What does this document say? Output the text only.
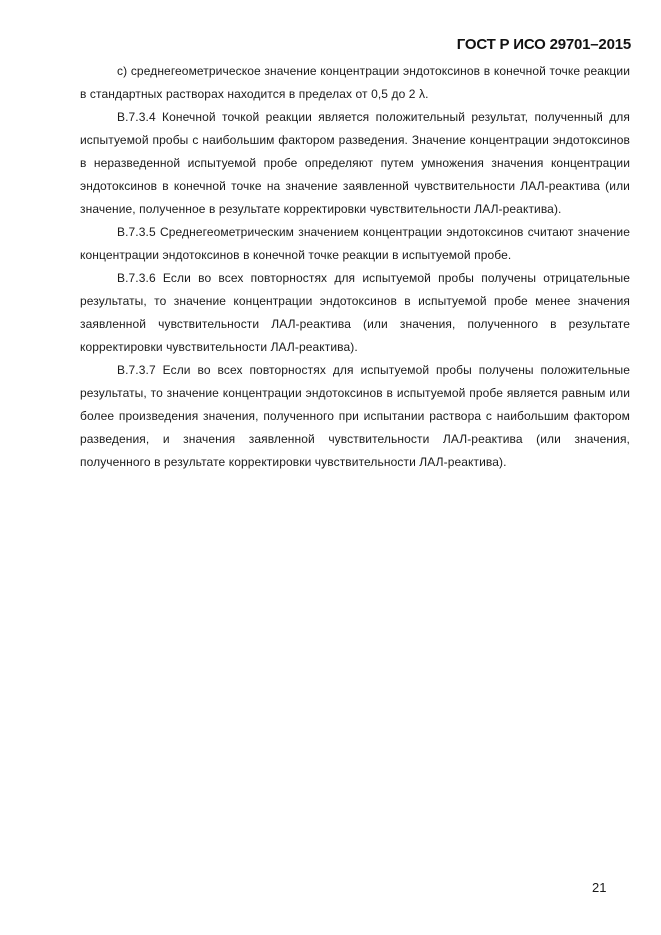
ГОСТ Р ИСО 29701–2015

с) среднегеометрическое значение концентрации эндотоксинов в конечной точке реакции в стандартных растворах находится в пределах от 0,5 до 2 λ.

В.7.3.4 Конечной точкой реакции является положительный результат, полученный для испытуемой пробы с наибольшим фактором разведения. Значение концентрации эндотоксинов в неразведенной испытуемой пробе определяют путем умножения значения концентрации эндотоксинов в конечной точке на значение заявленной чувствительности ЛАЛ-реактива (или значение, полученное в результате корректировки чувствительности ЛАЛ-реактива).

В.7.3.5 Среднегеометрическим значением концентрации эндотоксинов считают значение концентрации эндотоксинов в конечной точке реакции в испытуемой пробе.

В.7.3.6 Если во всех повторностях для испытуемой пробы получены отрицательные результаты, то значение концентрации эндотоксинов в испытуемой пробе менее значения заявленной чувствительности ЛАЛ-реактива (или значения, полученного в результате корректировки чувствительности ЛАЛ-реактива).

В.7.3.7 Если во всех повторностях для испытуемой пробы получены положительные результаты, то значение концентрации эндотоксинов в испытуемой пробе является равным или более произведения значения, полученного при испытании раствора с наибольшим фактором разведения, и значения заявленной чувствительности ЛАЛ-реактива (или значения, полученного в результате корректировки чувствительности ЛАЛ-реактива).

21
